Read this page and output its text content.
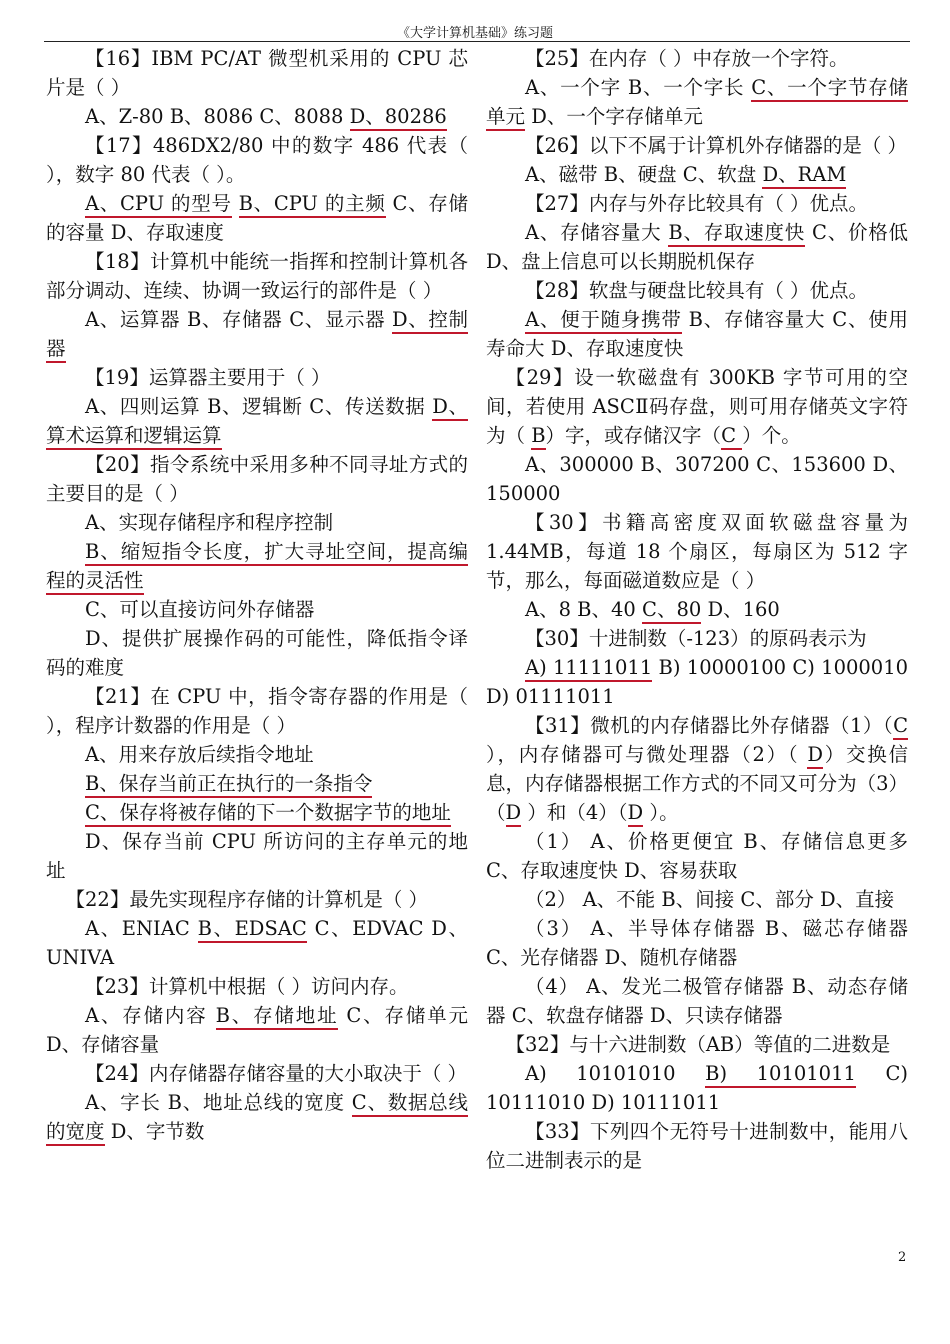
《大学计算机基础》练习题

【16】IBM PC/AT 微型机采用的 CPU 芯片是（ ）

A、Z-80 B、8086 C、8088 D、80286

【17】486DX2/80 中的数字 486 代表（ ），数字 80 代表（ ）。

A、CPU 的型号 B、CPU 的主频 C、存储的容量 D、存取速度

【18】计算机中能统一指挥和控制计算机各部分调动、连续、协调一致运行的部件是（ ）

A、运算器 B、存储器 C、显示器 D、控制器

【19】运算器主要用于（ ）

A、四则运算 B、逻辑断 C、传送数据 D、算术运算和逻辑运算

【20】指令系统中采用多种不同寻址方式的主要目的是（ ）

A、实现存储程序和程序控制

B、缩短指令长度，扩大寻址空间，提高编程的灵活性

C、可以直接访问外存储器

D、提供扩展操作码的可能性，降低指令译码的难度

【21】在 CPU 中，指令寄存器的作用是（ ），程序计数器的作用是（ ）

A、用来存放后续指令地址

B、保存当前正在执行的一条指令

C、保存将被存储的下一个数据字节的地址

D、保存当前 CPU 所访问的主存单元的地址

【22】最先实现程序存储的计算机是（ ）

A、ENIAC B、EDSAC C、EDVAC D、UNIVA

【23】计算机中根据（ ）访问内存。

A、存储内容 B、存储地址 C、存储单元 D、存储容量

【24】内存储器存储容量的大小取决于（ ）

A、字长 B、地址总线的宽度 C、数据总线的宽度 D、字节数

【25】在内存（ ）中存放一个字符。

A、一个字 B、一个字长 C、一个字节存储单元 D、一个字存储单元

【26】以下不属于计算机外存储器的是（ ）

A、磁带 B、硬盘 C、软盘 D、RAM

【27】内存与外存比较具有（ ）优点。

A、存储容量大 B、存取速度快 C、价格低 D、盘上信息可以长期脱机保存

【28】软盘与硬盘比较具有（ ）优点。

A、便于随身携带 B、存储容量大 C、使用寿命大 D、存取速度快

【29】设一软磁盘有 300KB 字节可用的空间，若使用 ASCⅡ码存盘，则可用存储英文字符为（ B）字，或存储汉字（C ）个。

A、300000 B、307200 C、153600 D、150000

【30】书籍高密度双面软磁盘容量为 1.44MB，每道 18 个扇区，每扇区为 512 字节，那么，每面磁道数应是（ ）

A、8 B、40 C、80 D、160

【30】十进制数（-123）的原码表示为

A) 11111011 B) 10000100 C) 1000010 D) 01111011

【31】微机的内存储器比外存储器（1）（C ），内存储器可与微处理器（2）（ D）交换信息，内存储器根据工作方式的不同又可分为（3）（D ）和（4）（D ）。

（1） A、价格更便宜 B、存储信息更多 C、存取速度快 D、容易获取

（2） A、不能 B、间接 C、部分 D、直接

（3） A、半导体存储器 B、磁芯存储器 C、光存储器 D、随机存储器

（4） A、发光二极管存储器 B、动态存储器 C、软盘存储器 D、只读存储器

【32】与十六进制数（AB）等值的二进数是

A) 10101010 B) 10101011 C) 10111010 D) 10111011

【33】下列四个无符号十进制数中，能用八位二进制表示的是

2
